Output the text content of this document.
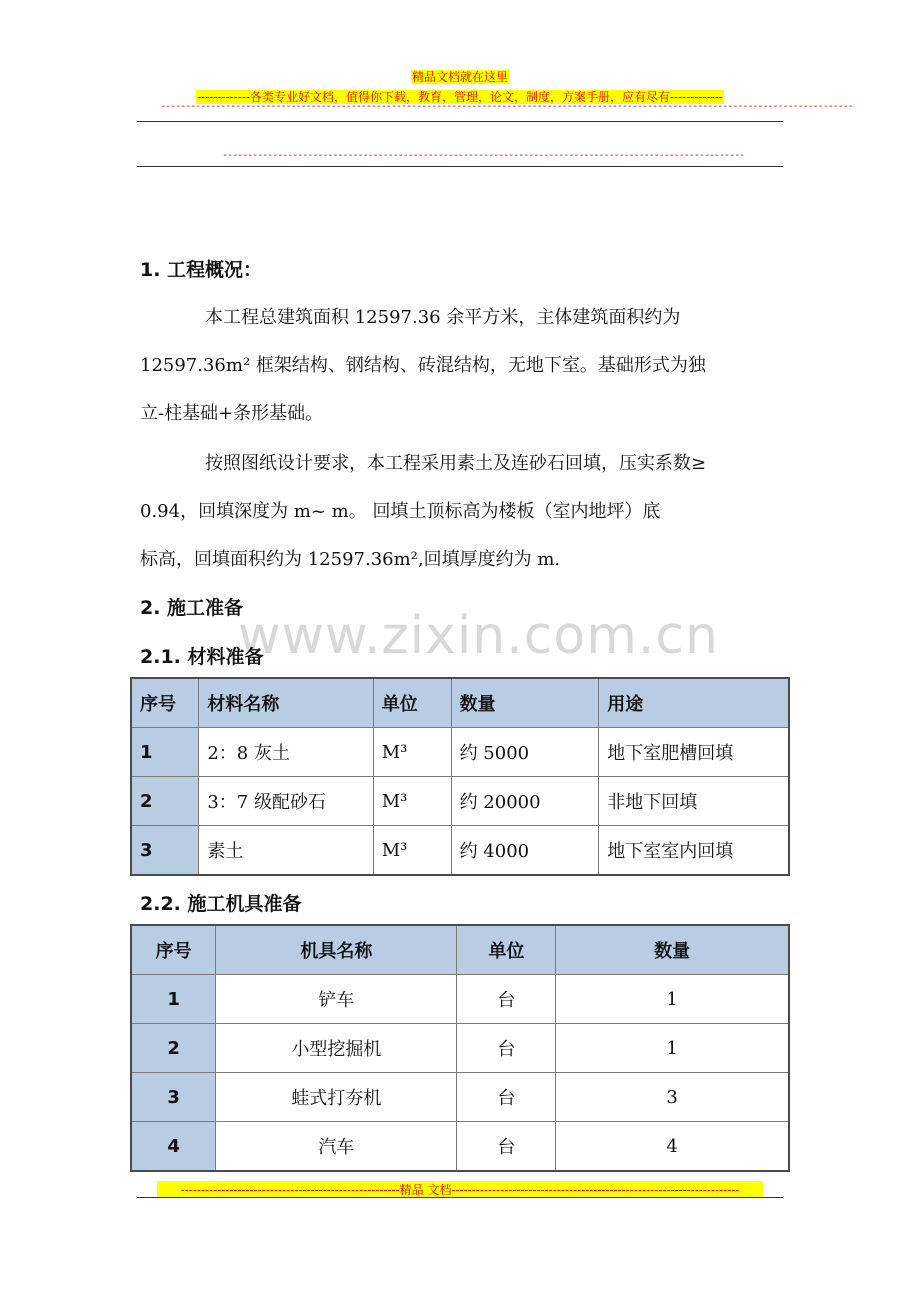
精品文档就在这里
-------------各类专业好文档，值得你下载，教育，管理，论文，制度，方案手册，应有尽有-------------
------------------------------------------------------------------------------------------------------------------------------------------
--------------------------------------------------------------------------------------------------------
www.zixin.com.cn
1. 工程概况：
本工程总建筑面积 12597.36 余平方米，主体建筑面积约为
12597.36m² 框架结构、钢结构、砖混结构，无地下室。基础形式为独
立-柱基础+条形基础。
按照图纸设计要求，本工程采用素土及连砂石回填，压实系数≥
0.94，回填深度为 m~ m。 回填土顶标高为楼板（室内地坪）底
标高，回填面积约为 12597.36m²,回填厚度约为 m.
2. 施工准备
2.1. 材料准备
序号	材料名称	单位	数量	用途
1	2：8 灰土	M³	约 5000	地下室肥槽回填
2	3：7 级配砂石	M³	约 20000	非地下回填
3	素土	M³	约 4000	地下室室内回填
2.2. 施工机具准备
序号	机具名称	单位	数量
1	铲车	台	1
2	小型挖掘机	台	1
3	蛙式打夯机	台	3
4	汽车	台	4
------------------------------------------------------精品 文档-----------------------------------------------------------------------
